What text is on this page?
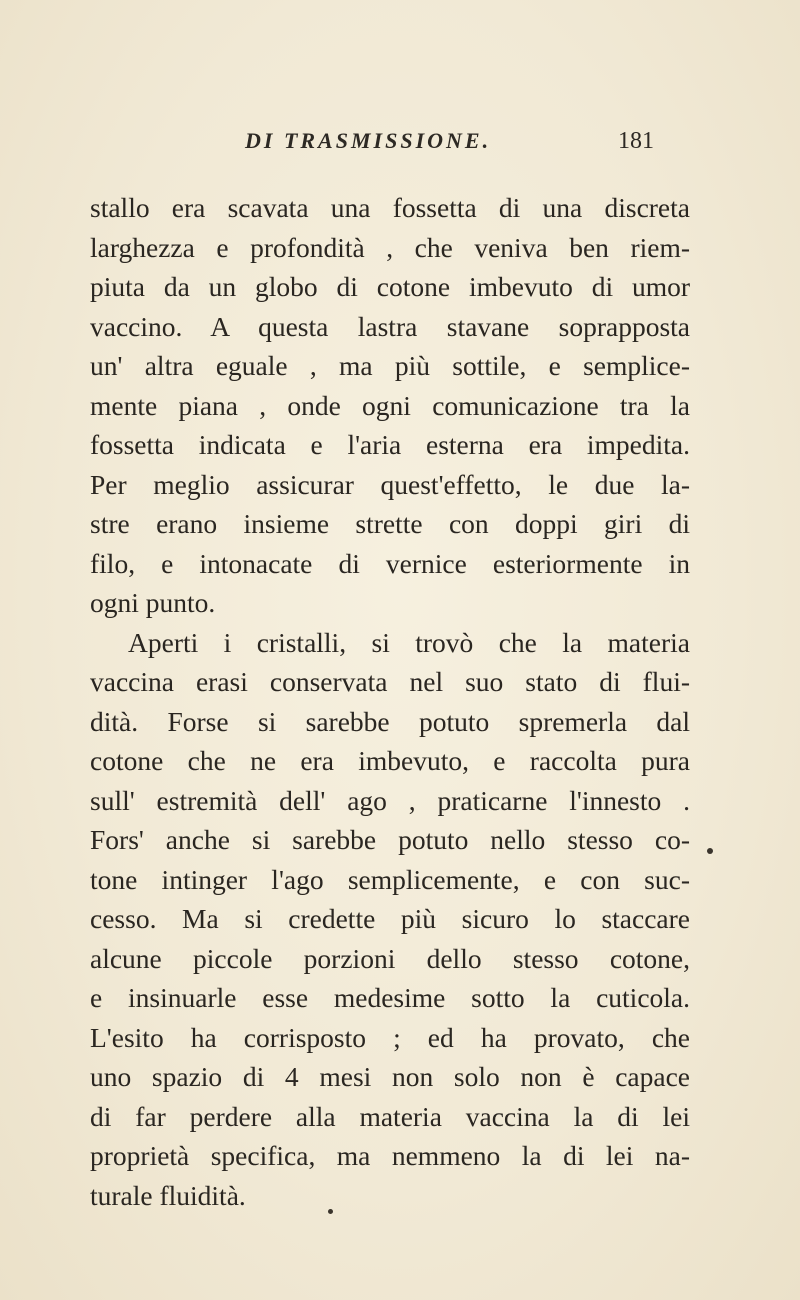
DI TRASMISSIONE.	181
stallo era scavata una fossetta di una discreta
larghezza e profondità , che veniva ben riem-
piuta da un globo di cotone imbevuto di umor
vaccino. A questa lastra stavane soprapposta
un' altra eguale , ma più sottile, e semplice-
mente piana , onde ogni comunicazione tra la
fossetta indicata e l'aria esterna era impedita.
Per meglio assicurar quest'effetto, le due la-
stre erano insieme strette con doppi giri di
filo, e intonacate di vernice esteriormente in
ogni punto.
Aperti i cristalli, si trovò che la materia
vaccina erasi conservata nel suo stato di flui-
dità. Forse si sarebbe potuto spremerla dal
cotone che ne era imbevuto, e raccolta pura
sull' estremità dell' ago , praticarne l'innesto .
Fors' anche si sarebbe potuto nello stesso co-
tone intinger l'ago semplicemente, e con suc-
cesso. Ma si credette più sicuro lo staccare
alcune piccole porzioni dello stesso cotone,
e insinuarle esse medesime sotto la cuticola.
L'esito ha corrisposto ; ed ha provato, che
uno spazio di 4 mesi non solo non è capace
di far perdere alla materia vaccina la di lei
proprietà specifica, ma nemmeno la di lei na-
turale fluidità.
